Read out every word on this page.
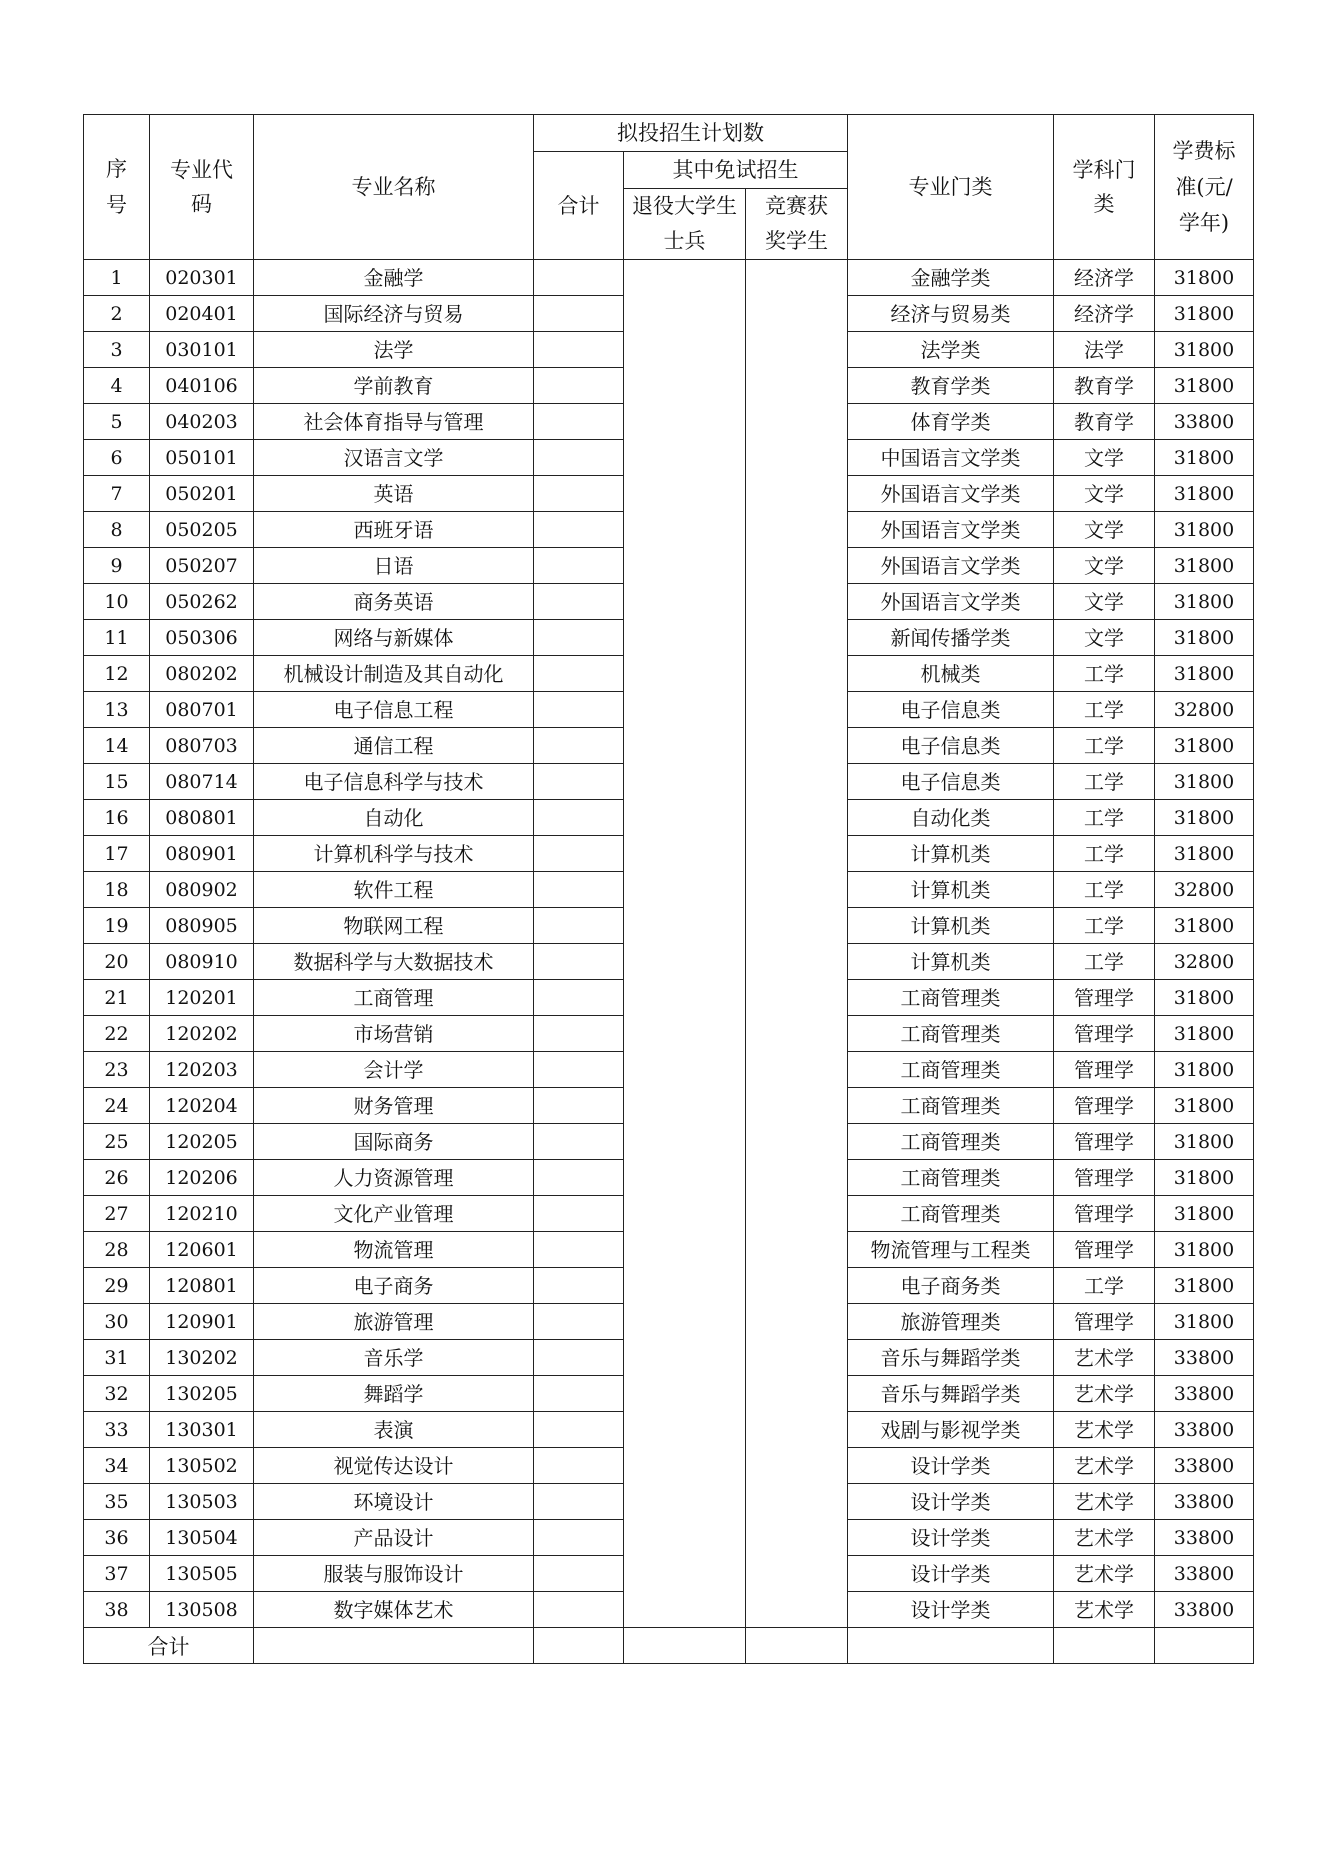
序号	专业代码	专业名称	拟投招生计划数			专业门类	学科门类	学费标准(元/学年)

			合计	其中免试招生				

				退役大学生士兵	竞赛获奖学生			

1	020301	金融学				金融学类	经济学	31800
2	020401	国际经济与贸易				经济与贸易类	经济学	31800
3	030101	法学				法学类	法学	31800
4	040106	学前教育				教育学类	教育学	31800
5	040203	社会体育指导与管理				体育学类	教育学	33800
6	050101	汉语言文学				中国语言文学类	文学	31800
7	050201	英语				外国语言文学类	文学	31800
8	050205	西班牙语				外国语言文学类	文学	31800
9	050207	日语				外国语言文学类	文学	31800
10	050262	商务英语				外国语言文学类	文学	31800
11	050306	网络与新媒体				新闻传播学类	文学	31800
12	080202	机械设计制造及其自动化				机械类	工学	31800
13	080701	电子信息工程				电子信息类	工学	32800
14	080703	通信工程				电子信息类	工学	31800
15	080714	电子信息科学与技术				电子信息类	工学	31800
16	080801	自动化				自动化类	工学	31800
17	080901	计算机科学与技术				计算机类	工学	31800
18	080902	软件工程				计算机类	工学	32800
19	080905	物联网工程				计算机类	工学	31800
20	080910	数据科学与大数据技术				计算机类	工学	32800
21	120201	工商管理				工商管理类	管理学	31800
22	120202	市场营销				工商管理类	管理学	31800
23	120203	会计学				工商管理类	管理学	31800
24	120204	财务管理				工商管理类	管理学	31800
25	120205	国际商务				工商管理类	管理学	31800
26	120206	人力资源管理				工商管理类	管理学	31800
27	120210	文化产业管理				工商管理类	管理学	31800
28	120601	物流管理				物流管理与工程类	管理学	31800
29	120801	电子商务				电子商务类	工学	31800
30	120901	旅游管理				旅游管理类	管理学	31800
31	130202	音乐学				音乐与舞蹈学类	艺术学	33800
32	130205	舞蹈学				音乐与舞蹈学类	艺术学	33800
33	130301	表演				戏剧与影视学类	艺术学	33800
34	130502	视觉传达设计				设计学类	艺术学	33800
35	130503	环境设计				设计学类	艺术学	33800
36	130504	产品设计				设计学类	艺术学	33800
37	130505	服装与服饰设计				设计学类	艺术学	33800
38	130508	数字媒体艺术				设计学类	艺术学	33800
合计								
